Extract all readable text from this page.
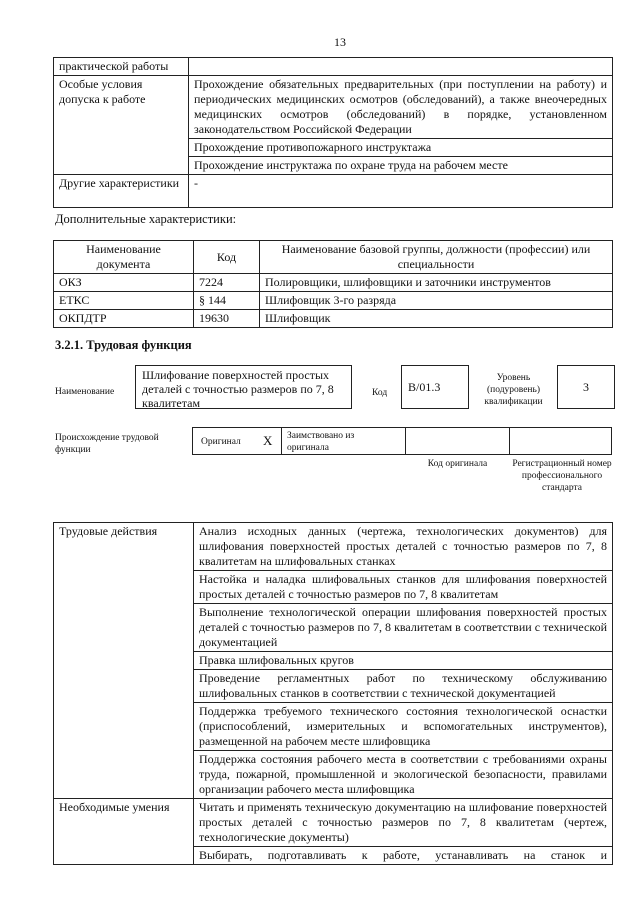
13
практической работы	
Особые условия допуска к работе	Прохождение обязательных предварительных (при поступлении на работу) и периодических медицинских осмотров (обследований), а также внеочередных медицинских осмотров (обследований) в порядке, установленном законодательством Российской Федерации
	Прохождение противопожарного инструктажа
	Прохождение инструктажа по охране труда на рабочем месте
Другие характеристики	-
Дополнительные характеристики:
Наименование документа	Код	Наименование базовой группы, должности (профессии) или специальности
ОКЗ	7224	Полировщики, шлифовщики и заточники инструментов
ЕТКС	§ 144	Шлифовщик 3-го разряда
ОКПДТР	19630	Шлифовщик
3.2.1. Трудовая функция
Наименование
Шлифование поверхностей простых деталей с точностью размеров по 7, 8 квалитетам
Код	B/01.3
Уровень (подуровень) квалификации
3
Происхождение трудовой функции
Оригинал X Заимствовано из оригинала
Код оригинала	Регистрационный номер профессионального стандарта
Трудовые действия	Анализ исходных данных (чертежа, технологических документов) для шлифования поверхностей простых деталей с точностью размеров по 7, 8 квалитетам на шлифовальных станках
	Настойка и наладка шлифовальных станков для шлифования поверхностей простых деталей с точностью размеров по 7, 8 квалитетам
	Выполнение технологической операции шлифования поверхностей простых деталей с точностью размеров по 7, 8 квалитетам в соответствии с технической документацией
	Правка шлифовальных кругов
	Проведение регламентных работ по техническому обслуживанию шлифовальных станков в соответствии с технической документацией
	Поддержка требуемого технического состояния технологической оснастки (приспособлений, измерительных и вспомогательных инструментов), размещенной на рабочем месте шлифовщика
	Поддержка состояния рабочего места в соответствии с требованиями охраны труда, пожарной, промышленной и экологической безопасности, правилами организации рабочего места шлифовщика
Необходимые умения	Читать и применять техническую документацию на шлифование поверхностей простых деталей с точностью размеров по 7, 8 квалитетам (чертеж, технологические документы)
	Выбирать, подготавливать к работе, устанавливать на станок и
